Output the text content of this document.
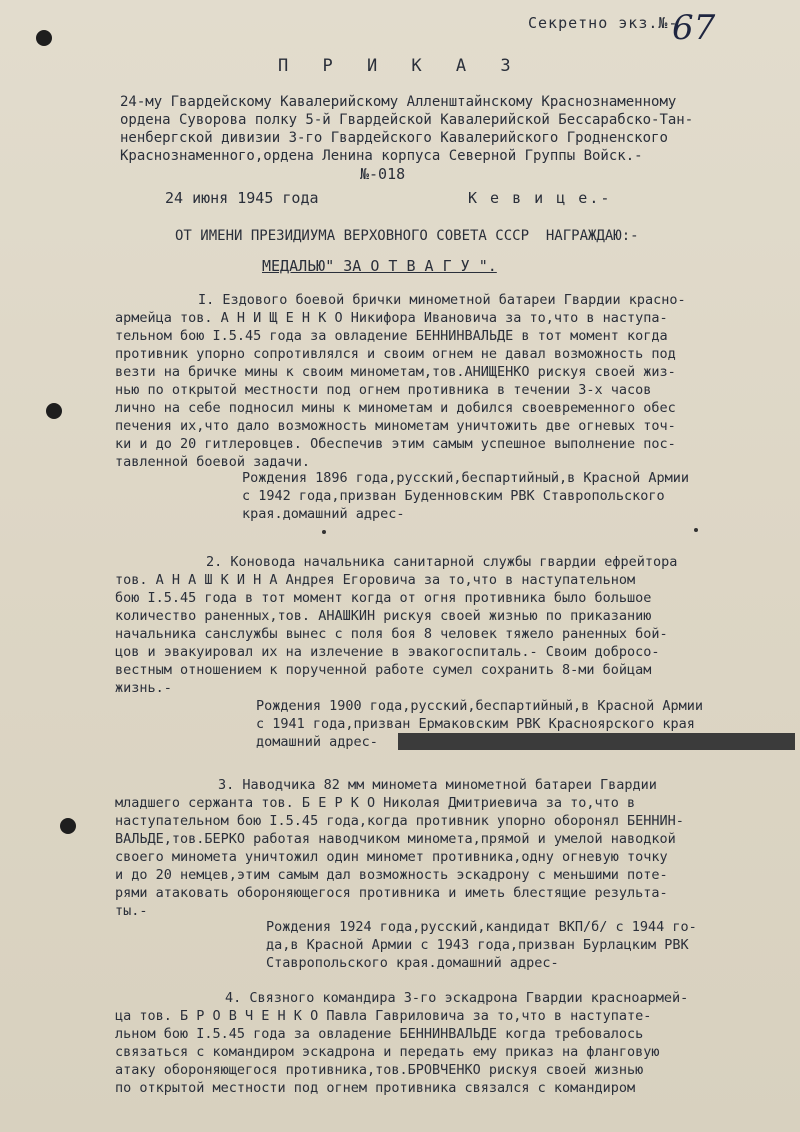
Секретно экз.№-
67
П Р И К А З
24-му Гвардейскому Кавалерийскому Алленштайнскому Краснознаменному
ордена Суворова полку 5-й Гвардейской Кавалерийской Бессарабско-Тан-
ненбергской дивизии 3-го Гвардейского Кавалерийского Гродненского
Краснознаменного,ордена Ленина корпуса Северной Группы Войск.-
№-018
24 июня 1945 года	К е в и ц е.-
ОТ ИМЕНИ ПРЕЗИДИУМА ВЕРХОВНОГО СОВЕТА СССР  НАГРАЖДАЮ:-
МЕДАЛЬЮ" ЗА О Т В А Г У ".
I. Ездового боевой брички минометной батареи Гвардии красно-
армейца тов. А Н И Щ Е Н К О Никифора Ивановича за то,что в наступа-
тельном бою I.5.45 года за овладение БЕННИНВАЛЬДЕ в тот момент когда
противник упорно сопротивлялся и своим огнем не давал возможность под
везти на бричке мины к своим минометам,тов.АНИЩЕНКО рискуя своей жиз-
нью по открытой местности под огнем противника в течении 3-х часов
лично на себе подносил мины к минометам и добился своевременного обес
печения их,что дало возможность минометам уничтожить две огневых точ-
ки и до 20 гитлеровцев. Обеспечив этим самым успешное выполнение пос-
тавленной боевой задачи.
Рождения 1896 года,русский,беспартийный,в Красной Армии
с 1942 года,призван Буденновским РВК Ставропольского
края.домашний адрес-
2. Коновода начальника санитарной службы гвардии ефрейтора
тов. А Н А Ш К И Н А Андрея Егоровича за то,что в наступательном
бою I.5.45 года в тот момент когда от огня противника было большое
количество раненных,тов. АНАШКИН рискуя своей жизнью по приказанию
начальника санслужбы вынес с поля боя 8 человек тяжело раненных бой-
цов и эвакуировал их на излечение в эвакогоспиталь.- Своим добросо-
вестным отношением к порученной работе сумел сохранить 8-ми бойцам
жизнь.-
Рождения 1900 года,русский,беспартийный,в Красной Армии
с 1941 года,призван Ермаковским РВК Красноярского края
домашний адрес-
3. Наводчика 82 мм миномета минометной батареи Гвардии
младшего сержанта тов. Б Е Р К О Николая Дмитриевича за то,что в
наступательном бою I.5.45 года,когда противник упорно оборонял БЕННИН-
ВАЛЬДЕ,тов.БЕРКО работая наводчиком миномета,прямой и умелой наводкой
своего миномета уничтожил один миномет противника,одну огневую точку
и до 20 немцев,этим самым дал возможность эскадрону с меньшими поте-
рями атаковать обороняющегося противника и иметь блестящие результа-
ты.-
Рождения 1924 года,русский,кандидат ВКП/б/ с 1944 го-
да,в Красной Армии с 1943 года,призван Бурлацким РВК
Ставропольского края.домашний адрес-
4. Связного командира 3-го эскадрона Гвардии красноармей-
ца тов. Б Р О В Ч Е Н К О Павла Гавриловича за то,что в наступате-
льном бою I.5.45 года за овладение БЕННИНВАЛЬДЕ когда требовалось
связаться с командиром эскадрона и передать ему приказ на фланговую
атаку обороняющегося противника,тов.БРОВЧЕНКО рискуя своей жизнью
по открытой местности под огнем противника связался с командиром
